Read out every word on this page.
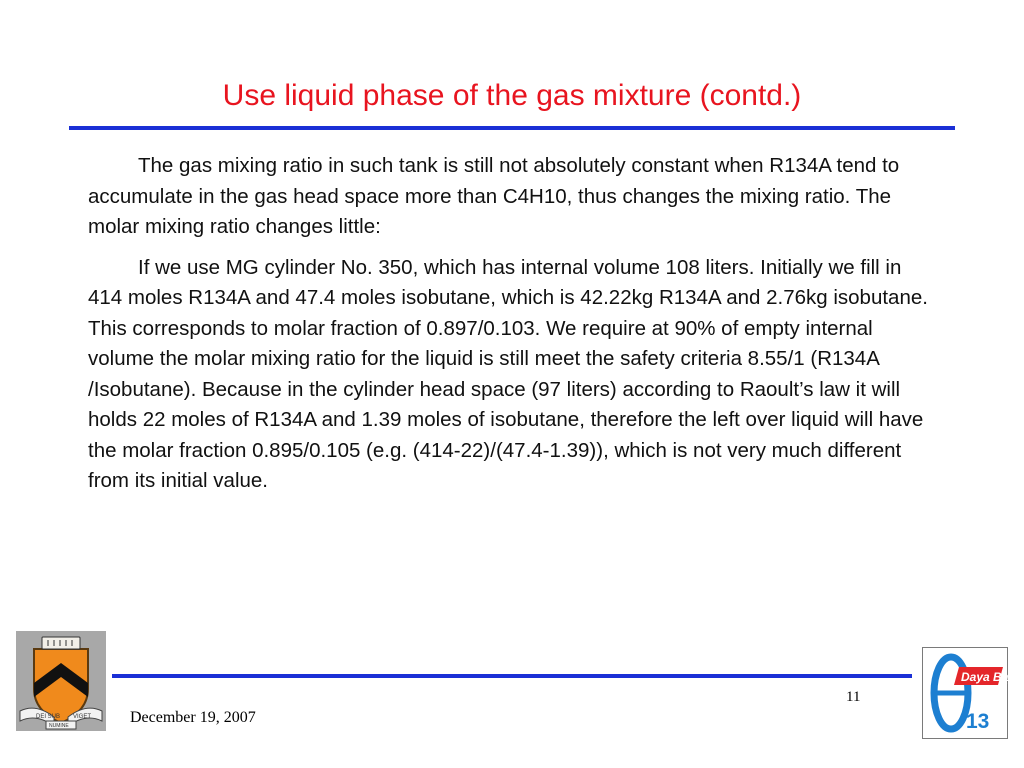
Use liquid phase of the gas mixture (contd.)

The gas mixing ratio in such tank is still not absolutely constant when R134A tend to accumulate in the gas head space more than C4H10, thus changes the mixing ratio. The molar mixing ratio changes little:

If we use MG cylinder No. 350, which has internal volume 108 liters. Initially we fill in 414 moles R134A and 47.4 moles isobutane, which is 42.22kg R134A and 2.76kg isobutane. This corresponds to molar fraction of 0.897/0.103. We require at 90% of empty internal volume the molar mixing ratio for the liquid is still meet the safety criteria 8.55/1 (R134A /Isobutane). Because in the cylinder head space (97 liters) according to Raoult’s law it will holds 22 moles of R134A and 1.39 moles of isobutane, therefore the left over liquid will have the molar fraction 0.895/0.105 (e.g. (414-22)/(47.4-1.39)), which is not very much different from its initial value.

DEI SUB
NUMINE
VIGET December 19, 2007
11
Daya Bay
13
